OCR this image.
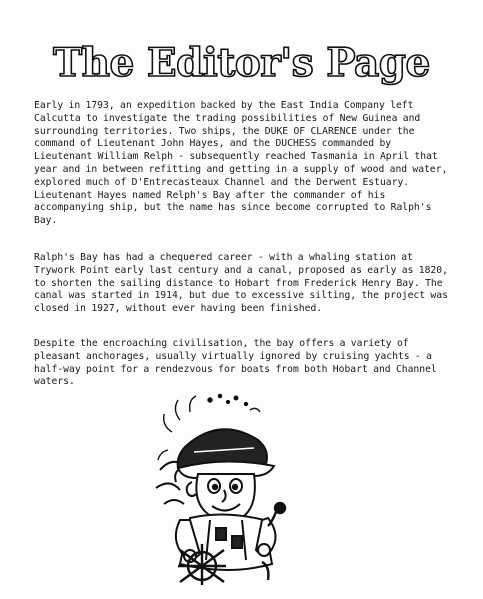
The Editor's Page

Early in 1793, an expedition backed by the East India Company left Calcutta to investigate the trading possibilities of New Guinea and surrounding territories. Two ships, the DUKE OF CLARENCE under the command of Lieutenant John Hayes, and the DUCHESS commanded by Lieutenant William Relph - subsequently reached Tasmania in April that year and in between refitting and getting in a supply of wood and water, explored much of D'Entrecasteaux Channel and the Derwent Estuary. Lieutenant Hayes named Relph's Bay after the commander of his accompanying ship, but the name has since become corrupted to Ralph's Bay.

Ralph's Bay has had a chequered career - with a whaling station at Trywork Point early last century and a canal, proposed as early as 1820, to shorten the sailing distance to Hobart from Frederick Henry Bay. The canal was started in 1914, but due to excessive silting, the project was closed in 1927, without ever having been finished.

Despite the encroaching civilisation, the bay offers a variety of pleasant anchorages, usually virtually ignored by cruising yachts - a half-way point for a rendezvous for boats from both Hobart and Channel waters.
